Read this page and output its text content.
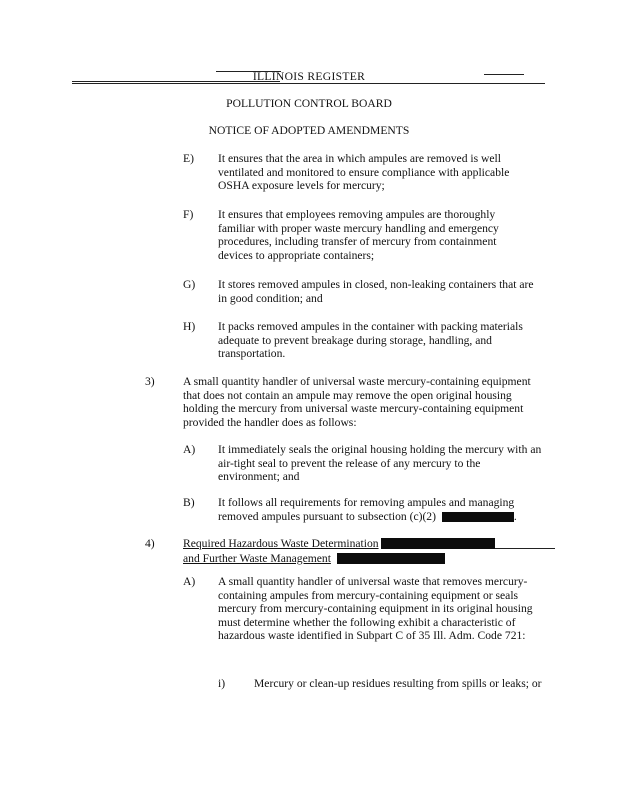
ILLINOIS REGISTER
POLLUTION CONTROL BOARD
NOTICE OF ADOPTED AMENDMENTS
E) It ensures that the area in which ampules are removed is well ventilated and monitored to ensure compliance with applicable OSHA exposure levels for mercury;
F) It ensures that employees removing ampules are thoroughly familiar with proper waste mercury handling and emergency procedures, including transfer of mercury from containment devices to appropriate containers;
G) It stores removed ampules in closed, non-leaking containers that are in good condition; and
H) It packs removed ampules in the container with packing materials adequate to prevent breakage during storage, handling, and transportation.
3) A small quantity handler of universal waste mercury-containing equipment that does not contain an ampule may remove the open original housing holding the mercury from universal waste mercury-containing equipment provided the handler does as follows:
A) It immediately seals the original housing holding the mercury with an air-tight seal to prevent the release of any mercury to the environment; and
B) It follows all requirements for removing ampules and managing removed ampules pursuant to subsection (c)(2)	.
4) Required Hazardous Waste Determination
and Further Waste Management
A) A small quantity handler of universal waste that removes mercury-containing ampules from mercury-containing equipment or seals mercury from mercury-containing equipment in its original housing must determine whether the following exhibit a characteristic of hazardous waste identified in Subpart C of 35 Ill. Adm. Code 721:
i) Mercury or clean-up residues resulting from spills or leaks; or
